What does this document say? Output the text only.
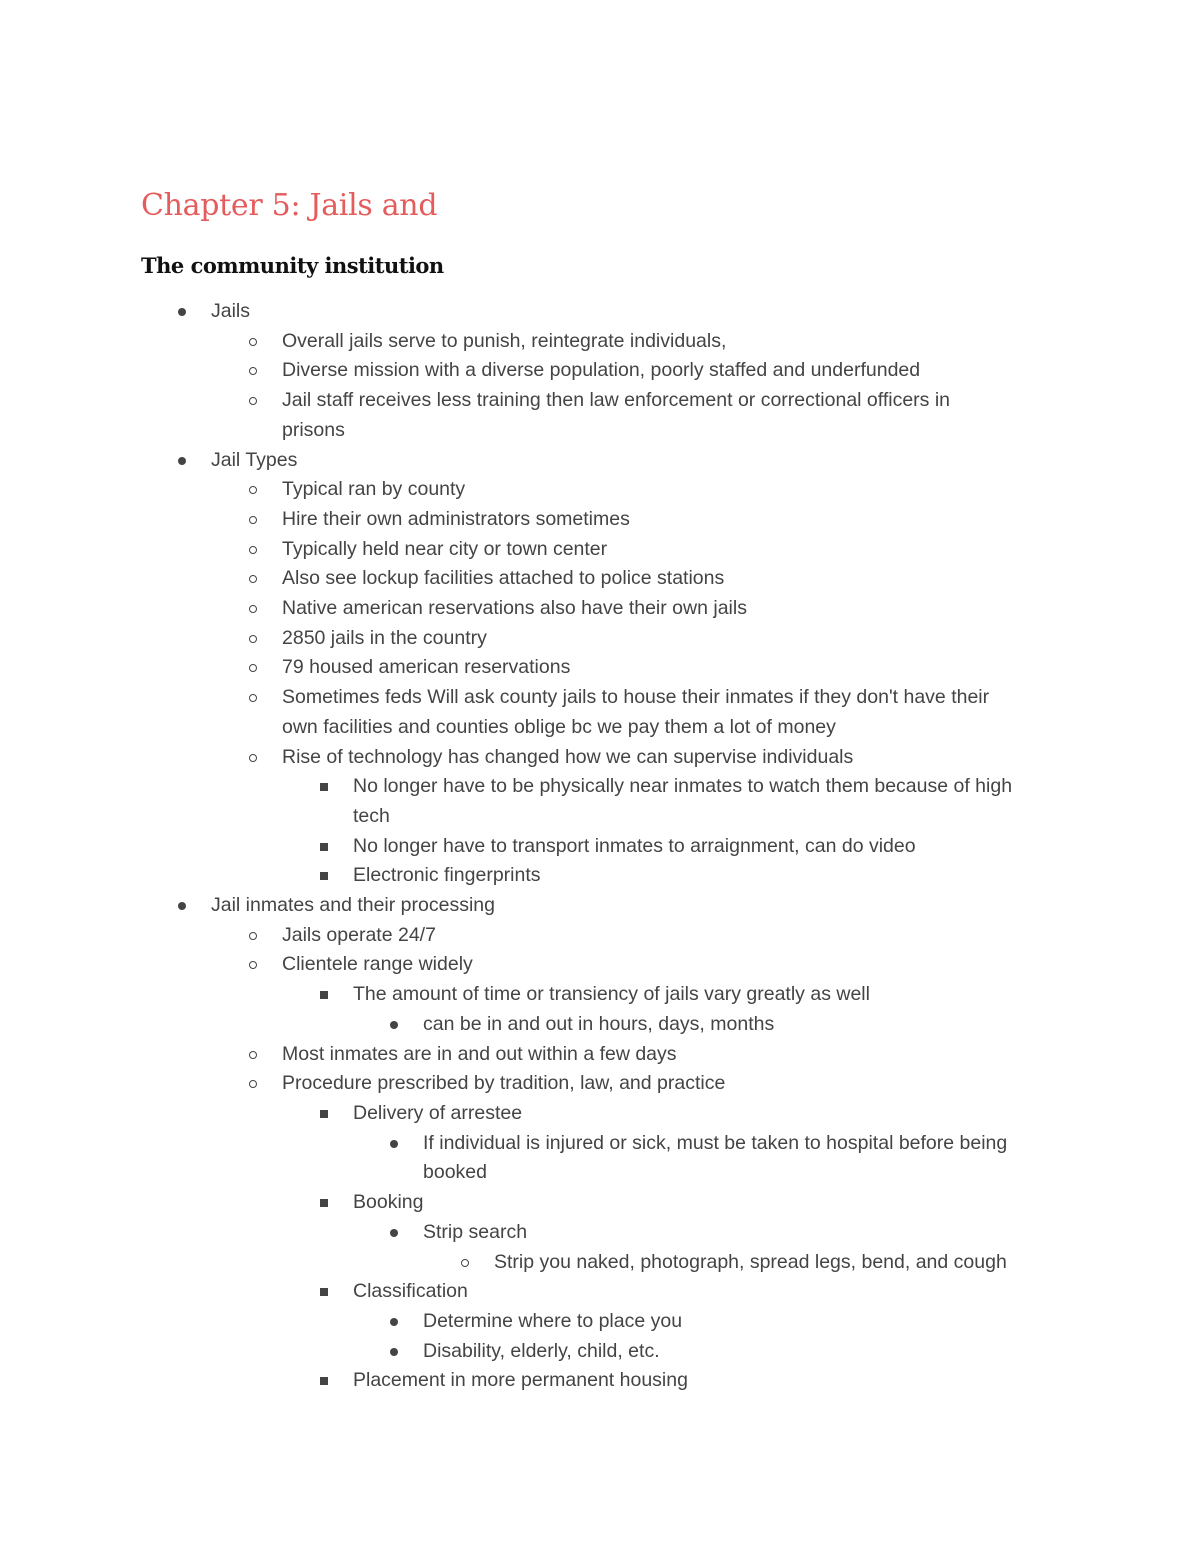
Chapter 5: Jails and
The community institution
Jails
Overall jails serve to punish, reintegrate individuals,
Diverse mission with a diverse population, poorly staffed and underfunded
Jail staff receives less training then law enforcement or correctional officers in
prisons
Jail Types
Typical ran by county
Hire their own administrators sometimes
Typically held near city or town center
Also see lockup facilities attached to police stations
Native american reservations also have their own jails
2850 jails in the country
79 housed american reservations
Sometimes feds Will ask county jails to house their inmates if they don't have their
own facilities and counties oblige bc we pay them a lot of money
Rise of technology has changed how we can supervise individuals
No longer have to be physically near inmates to watch them because of high
tech
No longer have to transport inmates to arraignment, can do video
Electronic fingerprints
Jail inmates and their processing
Jails operate 24/7
Clientele range widely
The amount of time or transiency of jails vary greatly as well
can be in and out in hours, days, months
Most inmates are in and out within a few days
Procedure prescribed by tradition, law, and practice
Delivery of arrestee
If individual is injured or sick, must be taken to hospital before being
booked
Booking
Strip search
Strip you naked, photograph, spread legs, bend, and cough
Classification
Determine where to place you
Disability, elderly, child, etc.
Placement in more permanent housing
